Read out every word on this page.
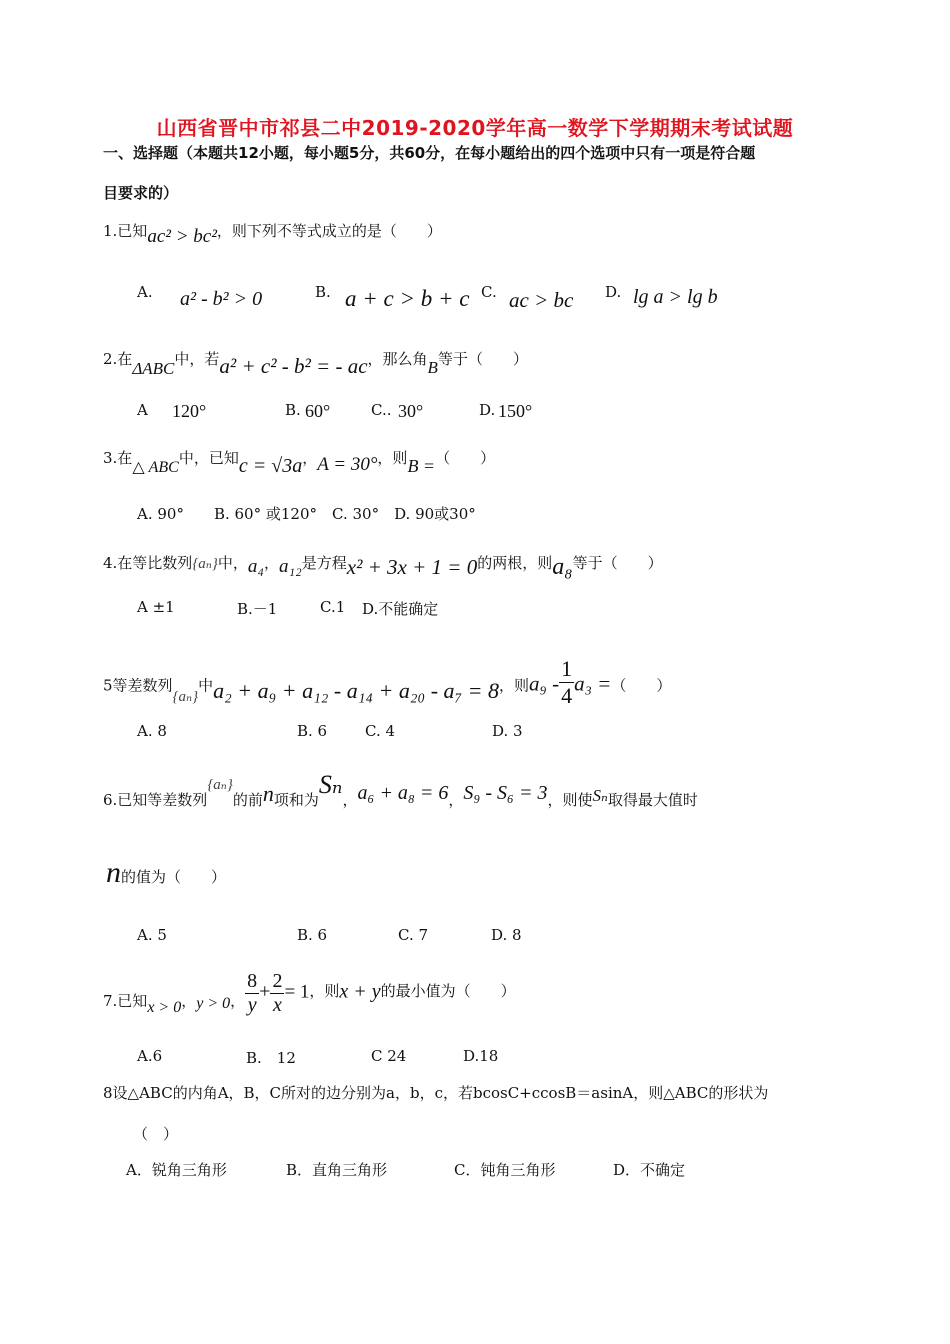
山西省晋中市祁县二中2019-2020学年高一数学下学期期末考试试题
一、选择题（本题共12小题，每小题5分，共60分，在每小题给出的四个选项中只有一项是符合题
目要求的）
1.已知ac² > bc²，则下列不等式成立的是（　　）
A. a² - b² > 0	B. a + c > b + c C. ac > bc D. lg a > lg b
2.在ΔABC中，若a² + c² - b² = - ac，那么角B等于（　　）
A 120°	B. 60°	C.. 30°	D. 150°
3.在△ ABC中，已知c = √3a，A = 30°，则B =（　　）
A. 90°　　B. 60° 或120°　C. 30°　D. 90或30°
4.在等比数列{aₙ}中，a₄，a₁₂是方程x² + 3x + 1 = 0的两根，则a₈等于（　　）
A ±1	B.－1	C.1 D.不能确定
5等差数列{aₙ}中a₂ + a₉ + a₁₂ - a₁₄ + a₂₀ - a₇ = 8，则$a_9 - \frac{1}{4} a_3$ =（　　）
A. 8	B. 6	C. 4	D. 3
6.已知等差数列{aₙ}的前n项和为Sₙ，a₆ + a₈ = 6，S₉ - S₆ = 3，则使Sₙ取得最大值时
n的值为（　　）
A. 5	B. 6	C. 7	D. 8
7.已知x > 0，y > 0， $\frac{8}{y} + \frac{2}{x} = 1$，则x + y的最小值为（　　）
A.6	B.　12	C 24	D.18
8设△ABC的内角A，B，C所对的边分别为a，b，c，若bcosC+ccosB＝asinA，则△ABC的形状为
（　）
A．锐角三角形	B．直角三角形	C．钝角三角形	D．不确定
